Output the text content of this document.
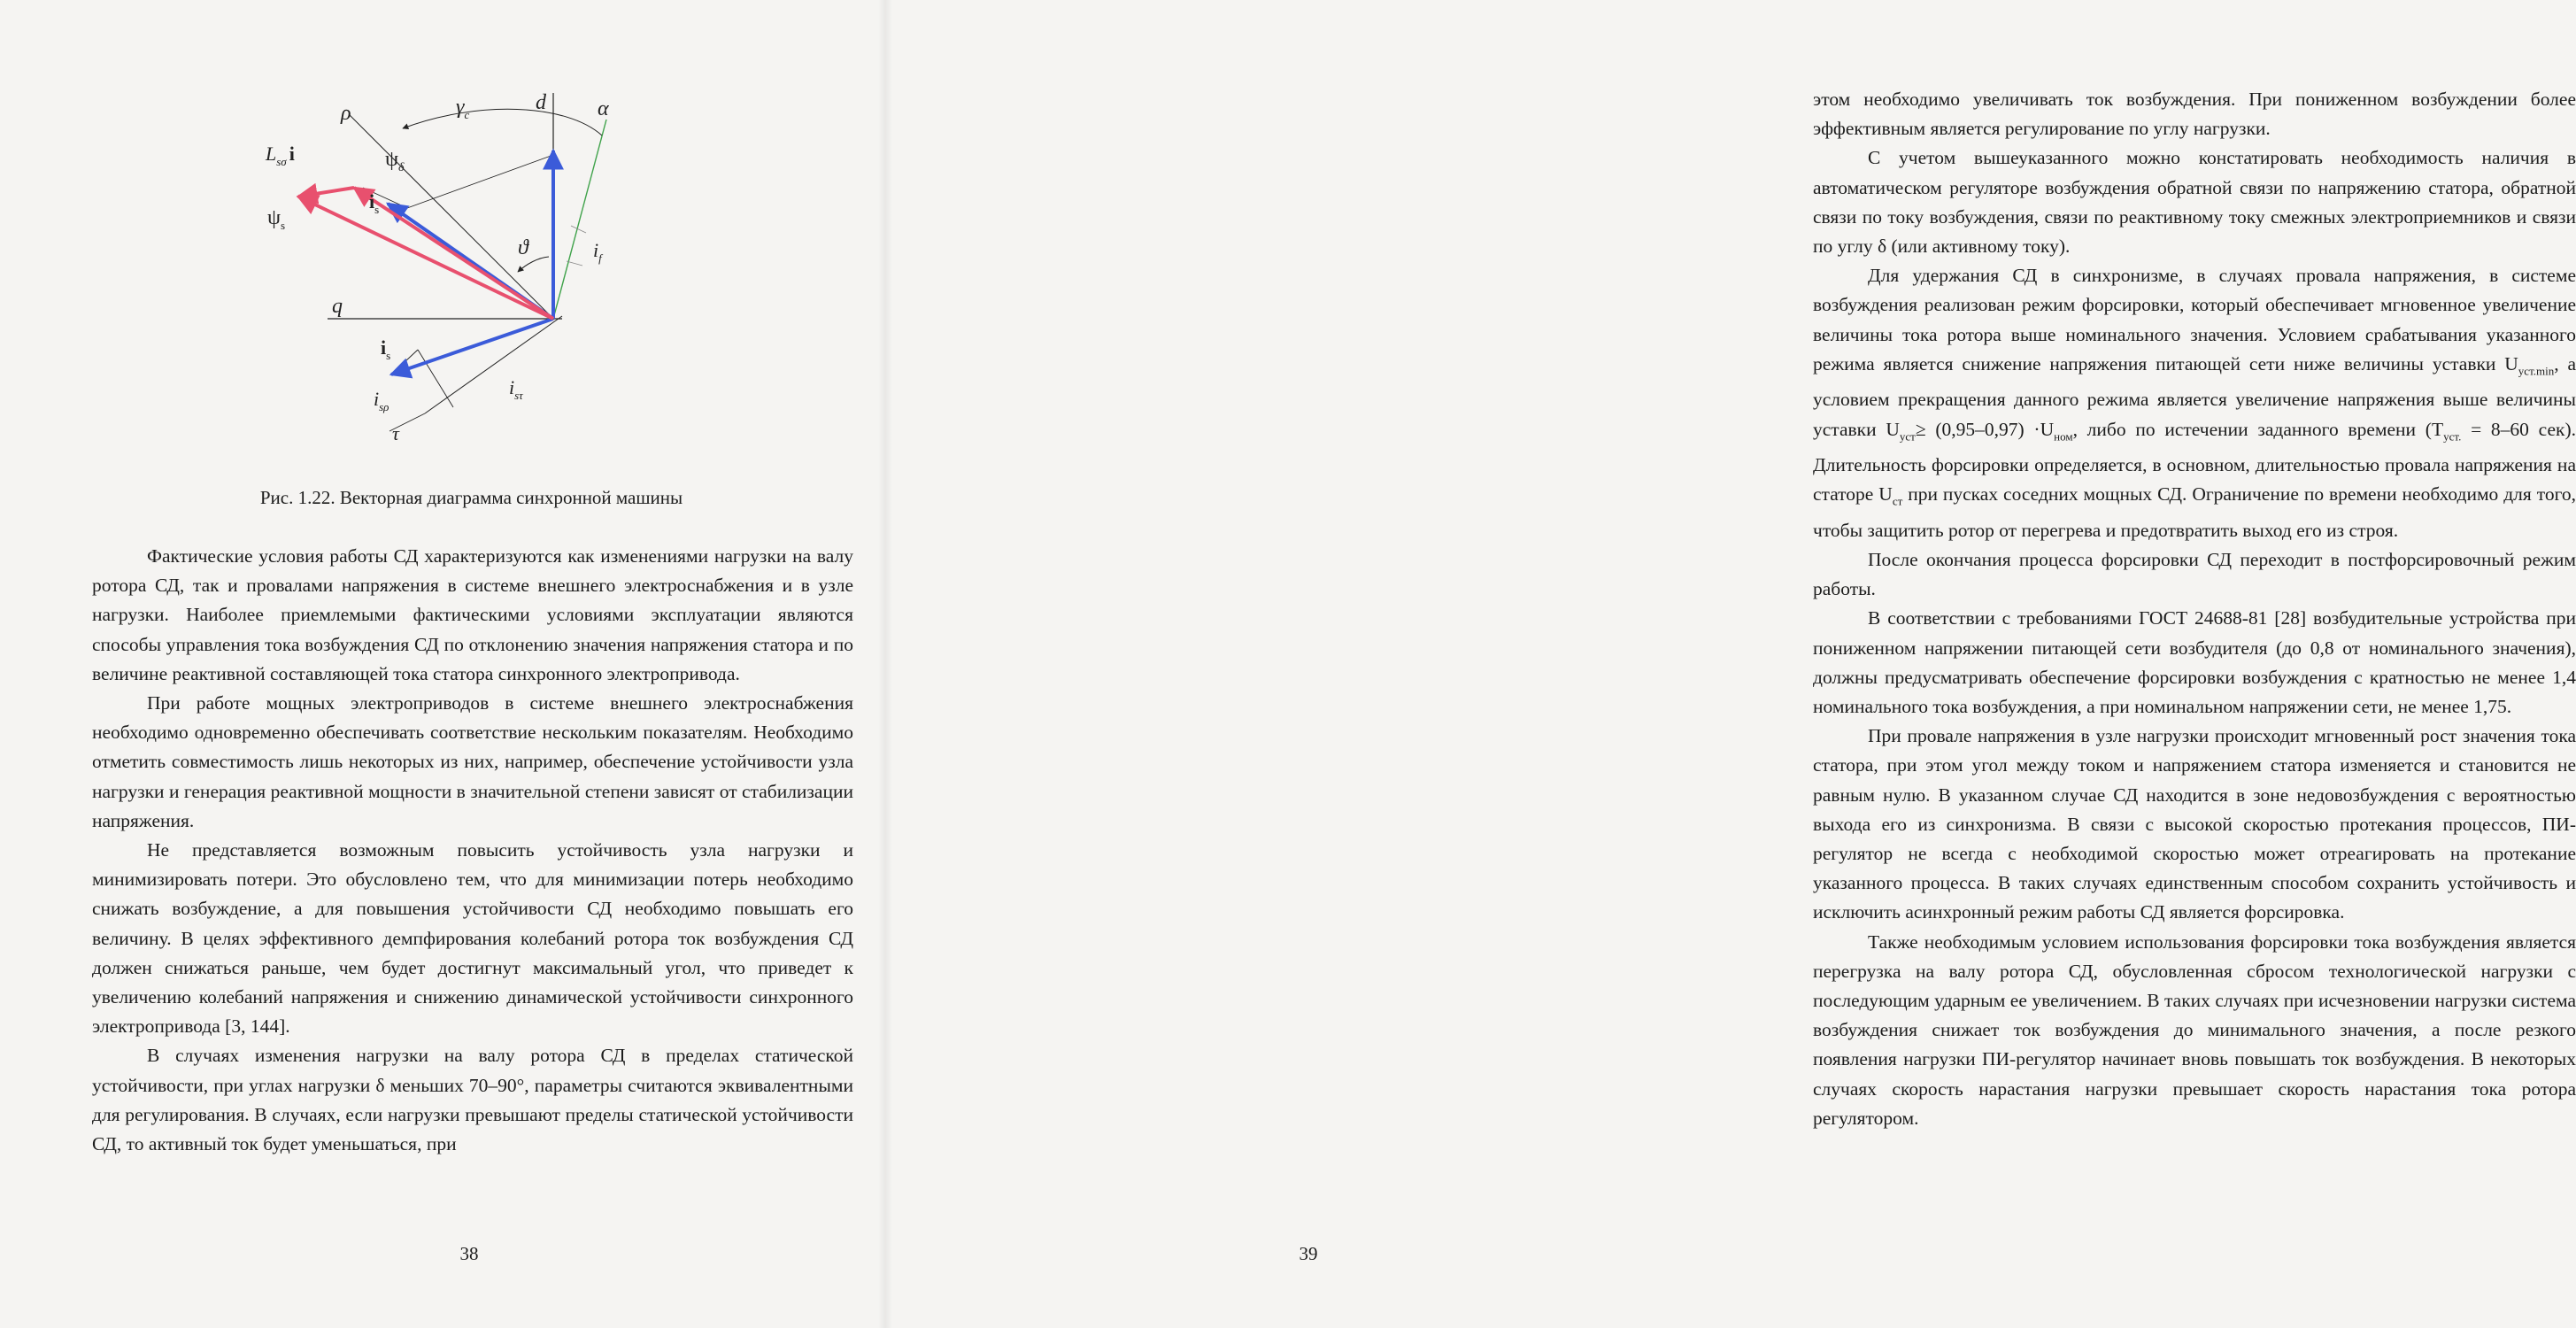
d α
ρ	$\gamma_c$
$L_{s\sigma}$ i	$\psi_\delta$
$\psi_s$
$i_s$
ϑ	$i_f$
q
$i_s$
$i_{s\rho}$
$i_{s\tau}$
τ
Рис. 1.22. Векторная диаграмма синхронной машины

Фактические условия работы СД характеризуются как изменениями нагрузки на валу ротора СД, так и провалами напряжения в системе внешнего электроснабжения и в узле нагрузки. Наиболее приемлемыми фактическими условиями эксплуатации являются способы управления тока возбуждения СД по отклонению значения напряжения статора и по величине реактивной составляющей тока статора синхронного электропривода.

При работе мощных электроприводов в системе внешнего электроснабжения необходимо одновременно обеспечивать соответствие нескольким показателям. Необходимо отметить совместимость лишь некоторых из них, например, обеспечение устойчивости узла нагрузки и генерация реактивной мощности в значительной степени зависят от стабилизации напряжения.

Не представляется возможным повысить устойчивость узла нагрузки и минимизировать потери. Это обусловлено тем, что для минимизации потерь необходимо снижать возбуждение, а для повышения устойчивости СД необходимо повышать его величину. В целях эффективного демпфирования колебаний ротора ток возбуждения СД должен снижаться раньше, чем будет достигнут максимальный угол, что приведет к увеличению колебаний напряжения и снижению динамической устойчивости синхронного электропривода [3, 144].

В случаях изменения нагрузки на валу ротора СД в пределах статической устойчивости, при углах нагрузки δ меньших 70–90°, параметры считаются эквивалентными для регулирования. В случаях, если нагрузки превышают пределы статической устойчивости СД, то активный ток будет уменьшаться, при

38

этом необходимо увеличивать ток возбуждения. При пониженном возбуждении более эффективным является регулирование по углу нагрузки.

С учетом вышеуказанного можно констатировать необходимость наличия в автоматическом регуляторе возбуждения обратной связи по напряжению статора, обратной связи по току возбуждения, связи по реактивному току смежных электроприемников и связи по углу δ (или активному току).

Для удержания СД в синхронизме, в случаях провала напряжения, в системе возбуждения реализован режим форсировки, который обеспечивает мгновенное увеличение величины тока ротора выше номинального значения. Условием срабатывания указанного режима является снижение напряжения питающей сети ниже величины уставки $U_{уст.min}$, а условием прекращения данного режима является увеличение напряжения выше величины уставки $U_{уст}\ge (0,95-0,97) \cdot U_{ном}$, либо по истечении заданного времени ($T_{уст.} = 8-60$ сек). Длительность форсировки определяется, в основном, длительностью провала напряжения на статоре $U_{ст}$ при пусках соседних мощных СД. Ограничение по времени необходимо для того, чтобы защитить ротор от перегрева и предотвратить выход его из строя.

После окончания процесса форсировки СД переходит в постфорсировочный режим работы.

В соответствии с требованиями ГОСТ 24688-81 [28] возбудительные устройства при пониженном напряжении питающей сети возбудителя (до 0,8 от номинального значения), должны предусматривать обеспечение форсировки возбуждения с кратностью не менее 1,4 номинального тока возбуждения, а при номинальном напряжении сети, не менее 1,75.

При провале напряжения в узле нагрузки происходит мгновенный рост значения тока статора, при этом угол между током и напряжением статора изменяется и становится не равным нулю. В указанном случае СД находится в зоне недовозбуждения с вероятностью выхода его из синхронизма. В связи с высокой скоростью протекания процессов, ПИ-регулятор не всегда с необходимой скоростью может отреагировать на протекание указанного процесса. В таких случаях единственным способом сохранить устойчивость и исключить асинхронный режим работы СД является форсировка.

Также необходимым условием использования форсировки тока возбуждения является перегрузка на валу ротора СД, обусловленная сбросом технологической нагрузки с последующим ударным ее увеличением. В таких случаях при исчезновении нагрузки система возбуждения снижает ток возбуждения до минимального значения, а после резкого появления нагрузки ПИ-регулятор начинает вновь повышать ток возбуждения. В некоторых случаях скорость нарастания нагрузки превышает скорость нарастания тока ротора регулятором.

39
